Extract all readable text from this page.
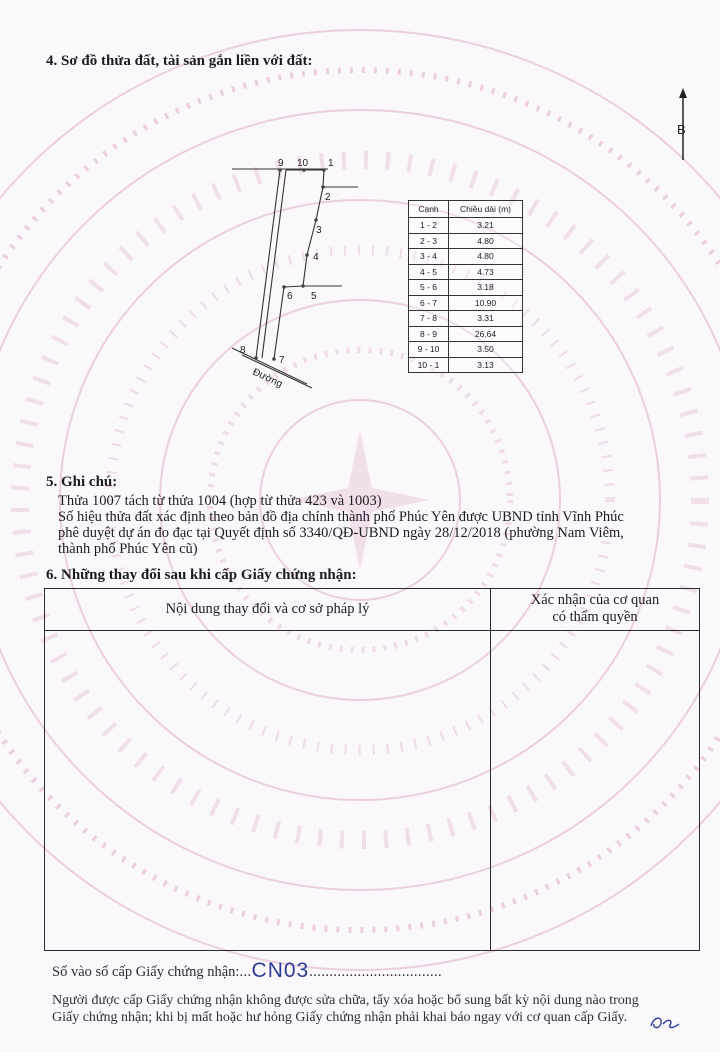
4. Sơ đồ thửa đất, tài sản gắn liền với đất:
B
1
2
3
4
5
6
7
8
9 10
Đường
Cạnh	Chiều dài (m)
1 - 2	3.21
2 - 3	4.80
3 - 4	4.80
4 - 5	4.73
5 - 6	3.18
6 - 7	10.90
7 - 8	3.31
8 - 9	26.64
9 - 10	3.50
10 - 1	3.13
5. Ghi chú:
Thửa 1007 tách từ thửa 1004 (hợp từ thửa 423 và 1003)
Số hiệu thửa đất xác định theo bản đồ địa chính thành phố Phúc Yên được UBND tỉnh Vĩnh Phúc
phê duyệt dự án đo đạc tại Quyết định số 3340/QĐ-UBND ngày 28/12/2018 (phường Nam Viêm,
thành phố Phúc Yên cũ)
6. Những thay đổi sau khi cấp Giấy chứng nhận:
Nội dung thay đổi và cơ sở pháp lý
Xác nhận của cơ quan
có thẩm quyền
Số vào sổ cấp Giấy chứng nhận:...CN03.................................
Người được cấp Giấy chứng nhận không được sửa chữa, tẩy xóa hoặc bổ sung bất kỳ nội dung nào trong
Giấy chứng nhận; khi bị mất hoặc hư hỏng Giấy chứng nhận phải khai báo ngay với cơ quan cấp Giấy.
